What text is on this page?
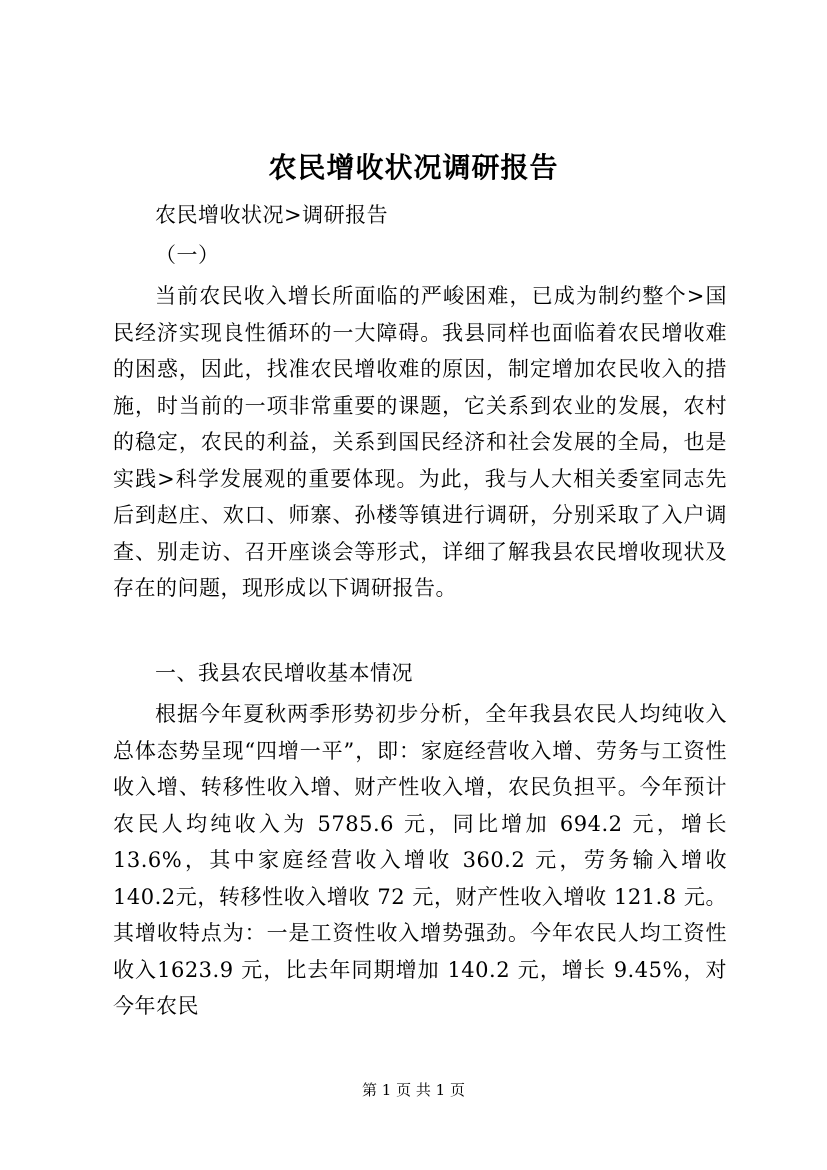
农民增收状况调研报告
农民增收状况>调研报告
（一）

当前农民收入增长所面临的严峻困难，已成为制约整个>国民经济实现良性循环的一大障碍。我县同样也面临着农民增收难的困惑，因此，找准农民增收难的原因，制定增加农民收入的措施，时当前的一项非常重要的课题，它关系到农业的发展，农村的稳定，农民的利益，关系到国民经济和社会发展的全局，也是实践>科学发展观的重要体现。为此，我与人大相关委室同志先后到赵庄、欢口、师寨、孙楼等镇进行调研，分别采取了入户调查、别走访、召开座谈会等形式，详细了解我县农民增收现状及存在的问题，现形成以下调研报告。

一、我县农民增收基本情况

根据今年夏秋两季形势初步分析，全年我县农民人均纯收入总体态势呈现“四增一平”，即：家庭经营收入增、劳务与工资性收入增、转移性收入增、财产性收入增，农民负担平。今年预计农民人均纯收入为 5785.6 元，同比增加 694.2 元，增长13.6%，其中家庭经营收入增收 360.2 元，劳务输入增收 140.2元，转移性收入增收 72 元，财产性收入增收 121.8 元。其增收特点为：一是工资性收入增势强劲。今年农民人均工资性收入1623.9 元，比去年同期增加 140.2 元，增长 9.45%，对今年农民

第 1 页 共 1 页
